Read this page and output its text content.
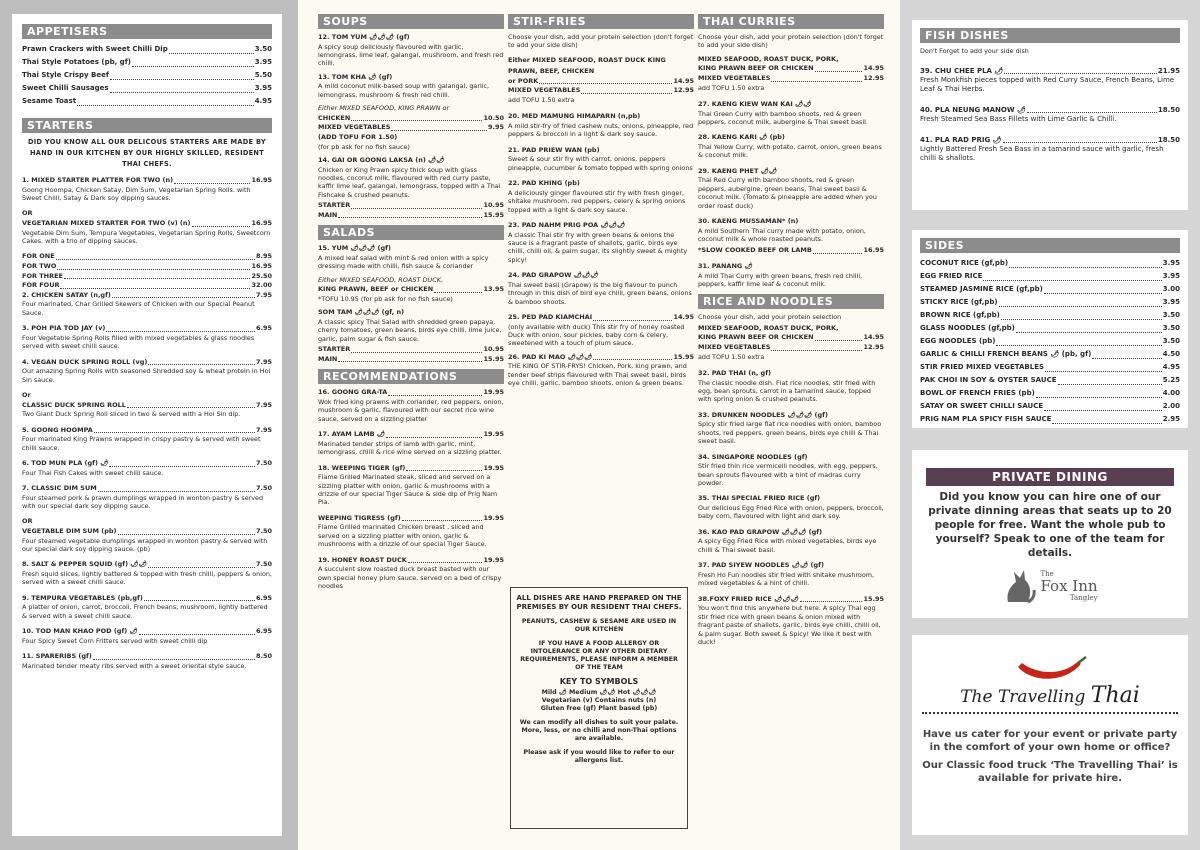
APPETISERS
Prawn Crackers with Sweet Chilli Dip	3.50
Thai Style Potatoes (pb, gf)	3.95
Thai Style Crispy Beef	5.50
Sweet Chilli Sausages	3.95
Sesame Toast	4.95
STARTERS
DID YOU KNOW ALL OUR DELICOUS STARTERS ARE MADE BY HAND IN OUR KITCHEN BY OUR HIGHLY SKILLED, RESIDENT THAI CHEFS.
1. MIXED STARTER PLATTER FOR TWO (n)	16.95
Goong Hoompa, Chicken Satay, Dim Sum, Vegetarian Spring Rolls. with Sweet Chilli, Satay & Dark soy dipping sauces.
OR
VEGETARIAN MIXED STARTER FOR TWO (v) (n)	16.95
Vegetable Dim Sum, Tempura Vegetables, Vegetarian Spring Rolls, Sweetcorn Cakes. with a trio of dipping sauces.
FOR ONE	8.95
FOR TWO	16.95
FOR THREE	25.50
FOR FOUR	32.00
2. CHICKEN SATAY (n,gf)	7.95
Four marinated, Char Grilled Skewers of Chicken with our Special Peanut Sauce.
3. POH PIA TOD JAY (v)	6.95
Four Vegetable Spring Rolls filled with mixed vegetables & glass noodles served with sweet chilli sauce.
4. VEGAN DUCK SPRING ROLL (vg)	7.95
Our amazing Spring Rolls with seasoned Shredded soy & wheat protein in Hoi Sin sauce.
Or
CLASSIC DUCK SPRING ROLL	7.95
Two Giant Duck Spring Roll sliced in two & served with a Hoi Sin dip.
5. GOONG HOOMPA	7.95
Four marinated King Prawns wrapped in crispy pastry & served with sweet chilli sauce.
6. TOD MUN PLA (gf) 🌶	7.50
Four Thai Fish Cakes with sweet chilli sauce.
7. CLASSIC DIM SUM	7.50
Four steamed pork & prawn dumplings wrapped in wonton pastry & served with our special dark soy dipping sauce.
OR
VEGETABLE DIM SUM (pb)	7.50
Four steamed vegetable dumplings wrapped in wonton pastry & served with our special dark soy dipping sauce. (pb)
8. SALT & PEPPER SQUID (gf) 🌶🌶	7.50
Fresh squid slices, lightly battered & topped with fresh chilli, peppers & onion, served with a sweet chilli sauce.
9. TEMPURA VEGETABLES (pb,gf)	6.95
A platter of onion, carrot, broccoli, French beans, mushroom, lightly battered & served with a sweet chilli sauce.
10. TOD MAN KHAO POD (gf) 🌶	6.95
Four Spicy Sweet Corn Fritters served with sweet chilli dip
11. SPARERIBS (gf)	8.50
Marinated tender meaty ribs served with a sweet oriental style sauce.
SOUPS
12. TOM YUM 🌶🌶🌶 (gf)
A spicy soup deliciously flavoured with garlic, lemongrass, lime leaf, galangal, mushroom, and fresh red chilli.
13. TOM KHA 🌶 (gf)
A mild coconut milk-based soup with galangal, garlic, lemongrass, mushroom & fresh red chilli.
Either MIXED SEAFOOD, KING PRAWN or
CHICKEN	10.50
MIXED VEGETABLES	9.95
(ADD TOFU FOR 1.50)
(for pb ask for no fish sauce)
14. GAI OR GOONG LAKSA (n) 🌶🌶
Chicken or King Prawn spicy thick soup with glass noodles, coconut milk, flavoured with red curry paste, kaffir lime leaf, galangal, lemongrass, topped with a Thai Fishcake & crushed peanuts.
STARTER	10.95
MAIN	15.95
SALADS
15. YUM 🌶🌶🌶 (gf)
A mixed leaf salad with mint & red onion with a spicy dressing made with chilli, fish sauce & coriander
Either MIXED SEAFOOD, ROAST DUCK,
KING PRAWN, BEEF or CHICKEN	13.95
*TOFU 10.95 (for pb ask for no fish sauce)
SOM TAM 🌶🌶🌶 (gf, n)
A classic spicy Thai Salad with shredded green papaya, cherry tomatoes, green beans, birds eye chilli, lime juice, garlic, palm sugar & fish sauce.
STARTER	10.95
MAIN	15.95
RECOMMENDATIONS
16. GOONG GRA-TA	19.95
Wok fried king prawns with coriander, red peppers, onion, mushroom & garlic, flavoured with our secret rice wine sauce, served on a sizzling platter
17. AYAM LAMB 🌶	19.95
Marinated tender strips of lamb with garlic, mint, lemongrass, chilli & rice wine served on a sizzling platter.
18. WEEPING TIGER (gf)	19.95
Flame Grilled Marinated steak, sliced and served on a sizzling platter with onion, garlic & mushrooms with a drizzle of our special Tiger Sauce & side dip of Prig Nam Pla.
WEEPING TIGRESS (gf)	19.95
Flame Grilled marinated Chicken breast , sliced and served on a sizzling platter with onion, garlic & mushrooms with a drizzle of our special Tiger Sauce.
19. HONEY ROAST DUCK	19.95
A succulent slow roasted duck breast basted with our own special honey plum sauce, served on a bed of crispy noodles
STIR-FRIES
Choose your dish, add your protein selection (don't forget to add your side dish)
Either MIXED SEAFOOD, ROAST DUCK KING PRAWN, BEEF, CHICKEN
or PORK	14.95
MIXED VEGETABLES	12.95
add TOFU 1.50 extra
20. MED MAMUNG HIMAPARN (n,pb)
A mild stir-fry of fried cashew nuts, onions, pineapple, red peppers & broccoli in a light & dark soy sauce.
21. PAD PRIEW WAN (pb)
Sweet & sour stir fry with carrot, onions, peppers pineapple, cucumber & tomato topped with spring onions
22. PAD KHING (pb)
A deliciously ginger flavoured stir fry with fresh ginger, shitake mushroom, red peppers, celery & spring onions topped with a light & dark soy sauce.
23. PAD NAHM PRIG POA 🌶🌶🌶
A classic Thai stir fry with green beans & onions the sauce is a fragrant paste of shallots, garlic, birds eye chilli, chilli oil, & palm sugar, its slightly sweet & mighty spicy!
24. PAD GRAPOW 🌶🌶🌶
Thai sweet basil (Grapow) is the big flavour to punch through in this dish of bird eye chilli, green beans, onions & bamboo shoots.
25. PED PAD KIAMCHAI	14.95
(only available with duck) This stir fry of honey roasted Duck with onion, sour pickles, baby corn & celery, sweetened with a touch of plum sauce.
26. PAD KI MAO 🌶🌶🌶	15.95
THE KING OF STIR-FRYS! Chicken, Pork, king prawn, and tender beef strips flavoured with Thai sweet basil, birds eye chilli, garlic, bamboo shoots, onion & green beans.

ALL DISHES ARE HAND PREPARED ON THE PREMISES BY OUR RESIDENT THAI CHEFS.

PEANUTS, CASHEW & SESAME ARE USED IN OUR KITCHEN

IF YOU HAVE A FOOD ALLERGY OR INTOLERANCE OR ANY OTHER DIETARY REQUIREMENTS, PLEASE INFORM A MEMBER OF THE TEAM

KEY TO SYMBOLS

Mild 🌶 Medium 🌶🌶 Hot 🌶🌶🌶
Vegetarian (v) Contains nuts (n)
Gluten free (gf) Plant based (pb)

We can modify all dishes to suit your palate. More, less, or no chilli and non-Thai options are available.

Please ask if you would like to refer to our allergens list.

THAI CURRIES
Choose your dish, add your protein selection (don't forget to add your side dish)
MIXED SEAFOOD, ROAST DUCK, PORK,
KING PRAWN BEEF OR CHICKEN	14.95
MIXED VEGETABLES	12.95
add TOFU 1.50 extra
27. KAENG KIEW WAN KAI 🌶🌶
Thai Green Curry with bamboo shoots, red & green peppers, coconut milk, aubergine & Thai sweet basil.
28. KAENG KARI 🌶 (pb)
Thai Yellow Curry, with potato, carrot, onion, green beans & coconut milk.
29. KAENG PHET 🌶🌶
Thai Red Curry with bamboo shoots, red & green peppers, aubergine, green beans, Thai sweet basil & coconut milk. (Tomato & pineapple are added when you order roast duck)
30. KAENG MUSSAMAN* (n)
A mild Southern Thai curry made with potato, onion, coconut milk & whole roasted peanuts.
*SLOW COOKED BEEF OR LAMB	16.95
31. PANANG 🌶
A mild Thai Curry with green beans, fresh red chilli, peppers, kaffir lime leaf & coconut milk.
RICE AND NOODLES
Choose your dish, add your protein selection
MIXED SEAFOOD, ROAST DUCK, PORK,
KING PRAWN BEEF OR CHICKEN	14.95
MIXED VEGETABLES	12.95
add TOFU 1.50 extra
32. PAD THAI (n, gf)
The classic noodle dish. Flat rice noodles, stir fried with egg, bean sprouts, carrot in a tamarind sauce, topped with spring onion & crushed peanuts.
33. DRUNKEN NOODLES 🌶🌶🌶 (gf)
Spicy stir fried large flat rice noodles with onion, bamboo shoots, red peppers, green beans, birds eye chilli & Thai sweet basil.
34. SINGAPORE NOODLES (gf)
Stir fried thin rice vermicelli noodles, with egg, peppers, bean sprouts flavoured with a hint of madras curry powder.
35. THAI SPECIAL FRIED RICE (gf)
Our delicious Egg Fried Rice with onion, peppers, broccoli, baby corn, flavoured with light and dark soy.
36. KAO PAD GRAPOW 🌶🌶🌶 (gf)
A spicy Egg Fried Rice with mixed vegetables, birds eye chilli & Thai sweet basil.
37. PAD SIYEW NOODLES 🌶🌶 (gf)
Fresh Ho Fun noodles stir fried with shitake mushroom, mixed vegetables & a hint of chilli.
38.FOXY FRIED RICE 🌶🌶🌶	15.95
You won't find this anywhere but here. A spicy Thai egg stir fried rice with green beans & onion mixed with fragrant paste of shallots, garlic, birds eye chilli, chilli oil, & palm sugar. Both sweet & Spicy! We like it best with duck!
FISH DISHES
Don't Forget to add your side dish
39. CHU CHEE PLA 🌶	21.95
Fresh Monkfish pieces topped with Red Curry Sauce, French Beans, Lime Leaf & Thai Herbs.
40. PLA NEUNG MANOW 🌶	18.50
Fresh Steamed Sea Bass Fillets with Lime Garlic & Chilli.
41. PLA RAD PRIG 🌶	18.50
Lightly Battered Fresh Sea Bass in a tamarind sauce with garlic, fresh chilli & shallots.
SIDES
COCONUT RICE (gf,pb)	3.95
EGG FRIED RICE	3.95
STEAMED JASMINE RICE (gf,pb)	3.00
STICKY RICE (gf,pb)	3.95
BROWN RICE (gf,pb)	3.50
GLASS NOODLES (gf,pb)	3.50
EGG NOODLES (pb)	3.50
GARLIC & CHILLI FRENCH BEANS 🌶 (pb, gf)	4.50
STIR FRIED MIXED VEGETABLES	4.95
PAK CHOI IN SOY & OYSTER SAUCE	5.25
BOWL OF FRENCH FRIES (pb)	4.00
SATAY OR SWEET CHILLI SAUCE	2.00
PRIG NAM PLA SPICY FISH SAUCE	2.95
PRIVATE DINING
Did you know you can hire one of our private dinning areas that seats up to 20 people for free. Want the whole pub to yourself? Speak to one of the team for details.
The
Fox Inn
Tangley
The Travelling Thai
Have us cater for your event or private party in the comfort of your own home or office?
Our Classic food truck ‘The Travelling Thai’ is available for private hire.
